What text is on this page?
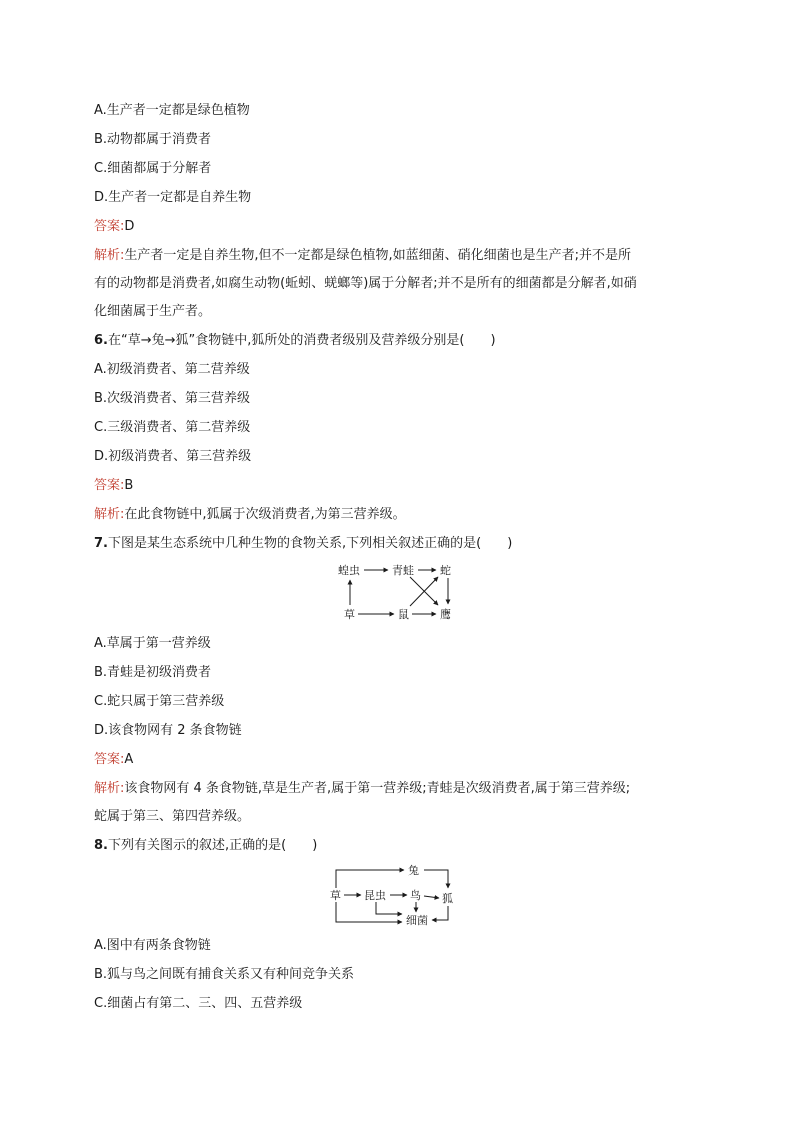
A.生产者一定都是绿色植物
B.动物都属于消费者
C.细菌都属于分解者
D.生产者一定都是自养生物
答案:D
解析:生产者一定是自养生物,但不一定都是绿色植物,如蓝细菌、硝化细菌也是生产者;并不是所
有的动物都是消费者,如腐生动物(蚯蚓、蜣螂等)属于分解者;并不是所有的细菌都是分解者,如硝
化细菌属于生产者。
6.在“草→兔→狐”食物链中,狐所处的消费者级别及营养级分别是(　　)
A.初级消费者、第二营养级
B.次级消费者、第三营养级
C.三级消费者、第二营养级
D.初级消费者、第三营养级
答案:B
解析:在此食物链中,狐属于次级消费者,为第三营养级。
7.下图是某生态系统中几种生物的食物关系,下列相关叙述正确的是(　　)
蝗虫	青蛙 蛇
草	鼠	鹰
A.草属于第一营养级
B.青蛙是初级消费者
C.蛇只属于第三营养级
D.该食物网有 2 条食物链
答案:A
解析:该食物网有 4 条食物链,草是生产者,属于第一营养级;青蛙是次级消费者,属于第三营养级;
蛇属于第三、第四营养级。
8.下列有关图示的叙述,正确的是(　　)
兔
草 昆虫 鸟 狐
细菌
A.图中有两条食物链
B.狐与鸟之间既有捕食关系又有种间竞争关系
C.细菌占有第二、三、四、五营养级
